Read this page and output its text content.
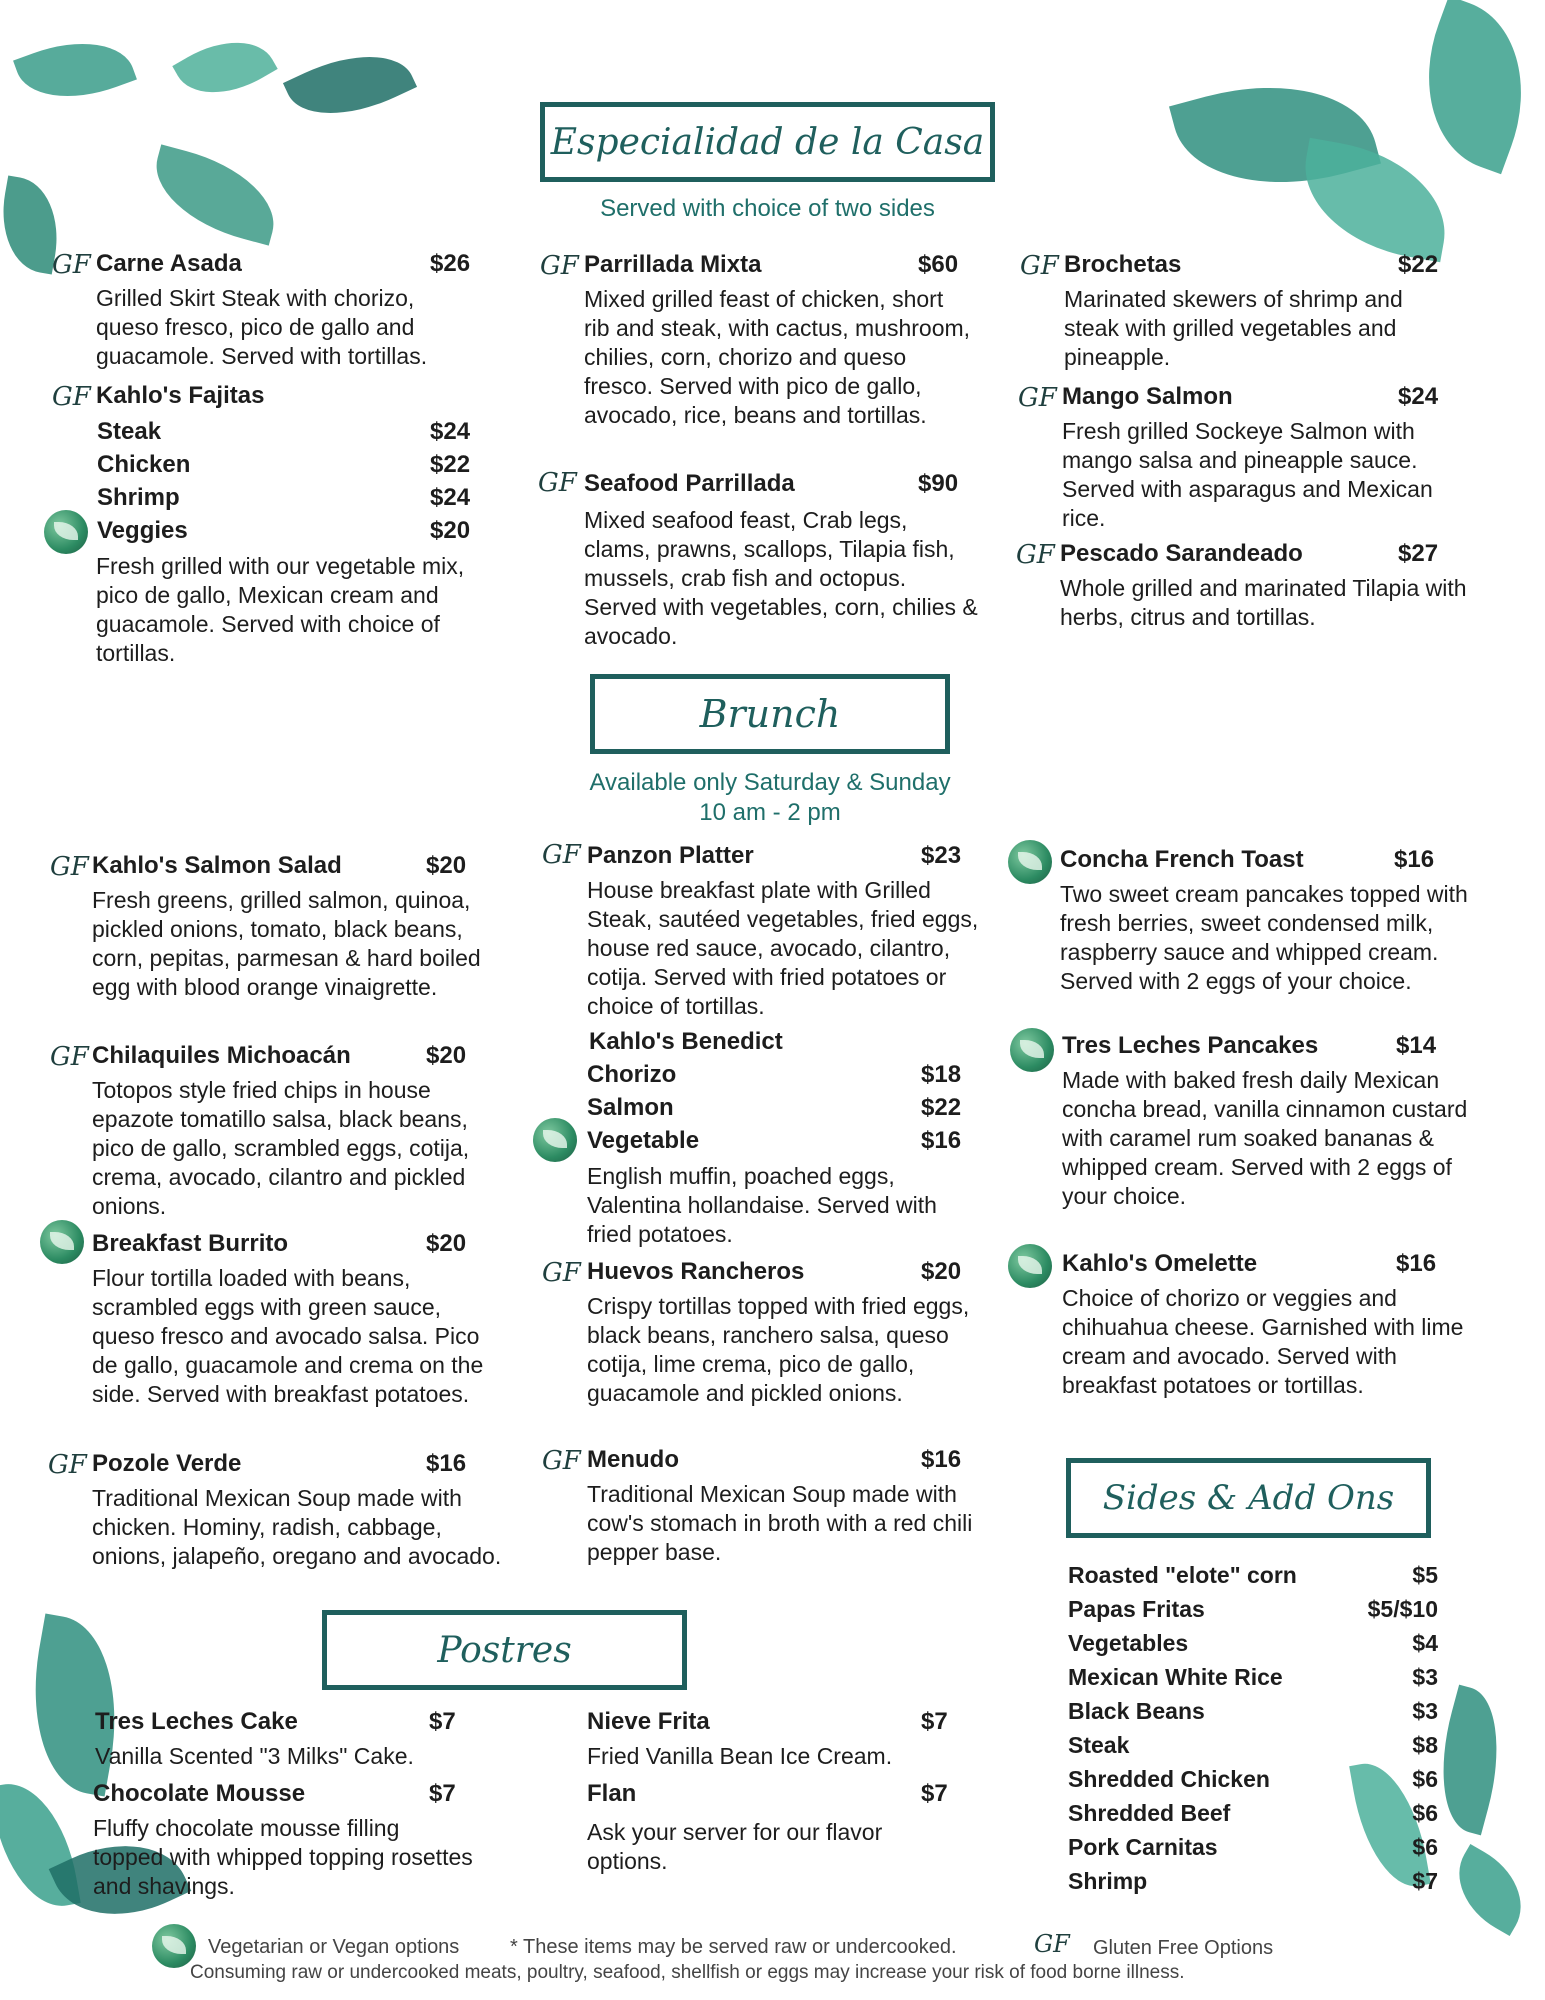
Especialidad de la Casa
Served with choice of two sides
GF Carne Asada	$26
Grilled Skirt Steak with chorizo, queso fresco, pico de gallo and guacamole. Served with tortillas.
GF Kahlo's Fajitas
Steak	$24
Chicken	$22
Shrimp	$24
Veggies	$20
Fresh grilled with our vegetable mix, pico de gallo, Mexican cream and guacamole. Served with choice of tortillas.
GF Parrillada Mixta	$60
Mixed grilled feast of chicken, short rib and steak, with cactus, mushroom, chilies, corn, chorizo and queso fresco. Served with pico de gallo, avocado, rice, beans and tortillas.
GF Seafood Parrillada	$90
Mixed seafood feast, Crab legs, clams, prawns, scallops, Tilapia fish, mussels, crab fish and octopus. Served with vegetables, corn, chilies & avocado.
GF Brochetas	$22
Marinated skewers of shrimp and steak with grilled vegetables and pineapple.
GF Mango Salmon	$24
Fresh grilled Sockeye Salmon with mango salsa and pineapple sauce. Served with asparagus and Mexican rice.
GF Pescado Sarandeado	$27
Whole grilled and marinated Tilapia with herbs, citrus and tortillas.
Brunch
Available only Saturday & Sunday
10 am - 2 pm
GF Kahlo's Salmon Salad	$20
Fresh greens, grilled salmon, quinoa, pickled onions, tomato, black beans, corn, pepitas, parmesan & hard boiled egg with blood orange vinaigrette.
GF Chilaquiles Michoacán	$20
Totopos style fried chips in house epazote tomatillo salsa, black beans, pico de gallo, scrambled eggs, cotija, crema, avocado, cilantro and pickled onions.
Breakfast Burrito	$20
Flour tortilla loaded with beans, scrambled eggs with green sauce, queso fresco and avocado salsa. Pico de gallo, guacamole and crema on the side. Served with breakfast potatoes.
GF Pozole Verde	$16
Traditional Mexican Soup made with chicken. Hominy, radish, cabbage, onions, jalapeño, oregano and avocado.
GF Panzon Platter	$23
House breakfast plate with Grilled Steak, sautéed vegetables, fried eggs, house red sauce, avocado, cilantro, cotija. Served with fried potatoes or choice of tortillas.
Kahlo's Benedict
Chorizo	$18
Salmon	$22
Vegetable	$16
English muffin, poached eggs, Valentina hollandaise. Served with fried potatoes.
GF Huevos Rancheros	$20
Crispy tortillas topped with fried eggs, black beans, ranchero salsa, queso cotija, lime crema, pico de gallo, guacamole and pickled onions.
GF Menudo	$16
Traditional Mexican Soup made with cow's stomach in broth with a red chili pepper base.
Concha French Toast	$16
Two sweet cream pancakes topped with fresh berries, sweet condensed milk, raspberry sauce and whipped cream. Served with 2 eggs of your choice.
Tres Leches Pancakes	$14
Made with baked fresh daily Mexican concha bread, vanilla cinnamon custard with caramel rum soaked bananas & whipped cream. Served with 2 eggs of your choice.
Kahlo's Omelette	$16
Choice of chorizo or veggies and chihuahua cheese. Garnished with lime cream and avocado. Served with breakfast potatoes or tortillas.
Sides & Add Ons
Roasted "elote" corn	$5
Papas Fritas	$5/$10
Vegetables	$4
Mexican White Rice	$3
Black Beans	$3
Steak	$8
Shredded Chicken	$6
Shredded Beef	$6
Pork Carnitas	$6
Shrimp	$7
Postres
Tres Leches Cake	$7
Vanilla Scented "3 Milks" Cake.
Chocolate Mousse	$7
Fluffy chocolate mousse filling topped with whipped topping rosettes and shavings.
Nieve Frita	$7
Fried Vanilla Bean Ice Cream.
Flan	$7
Ask your server for our flavor options.
Vegetarian or Vegan options	* These items may be served raw or undercooked.	GF Gluten Free Options
Consuming raw or undercooked meats, poultry, seafood, shellfish or eggs may increase your risk of food borne illness.
